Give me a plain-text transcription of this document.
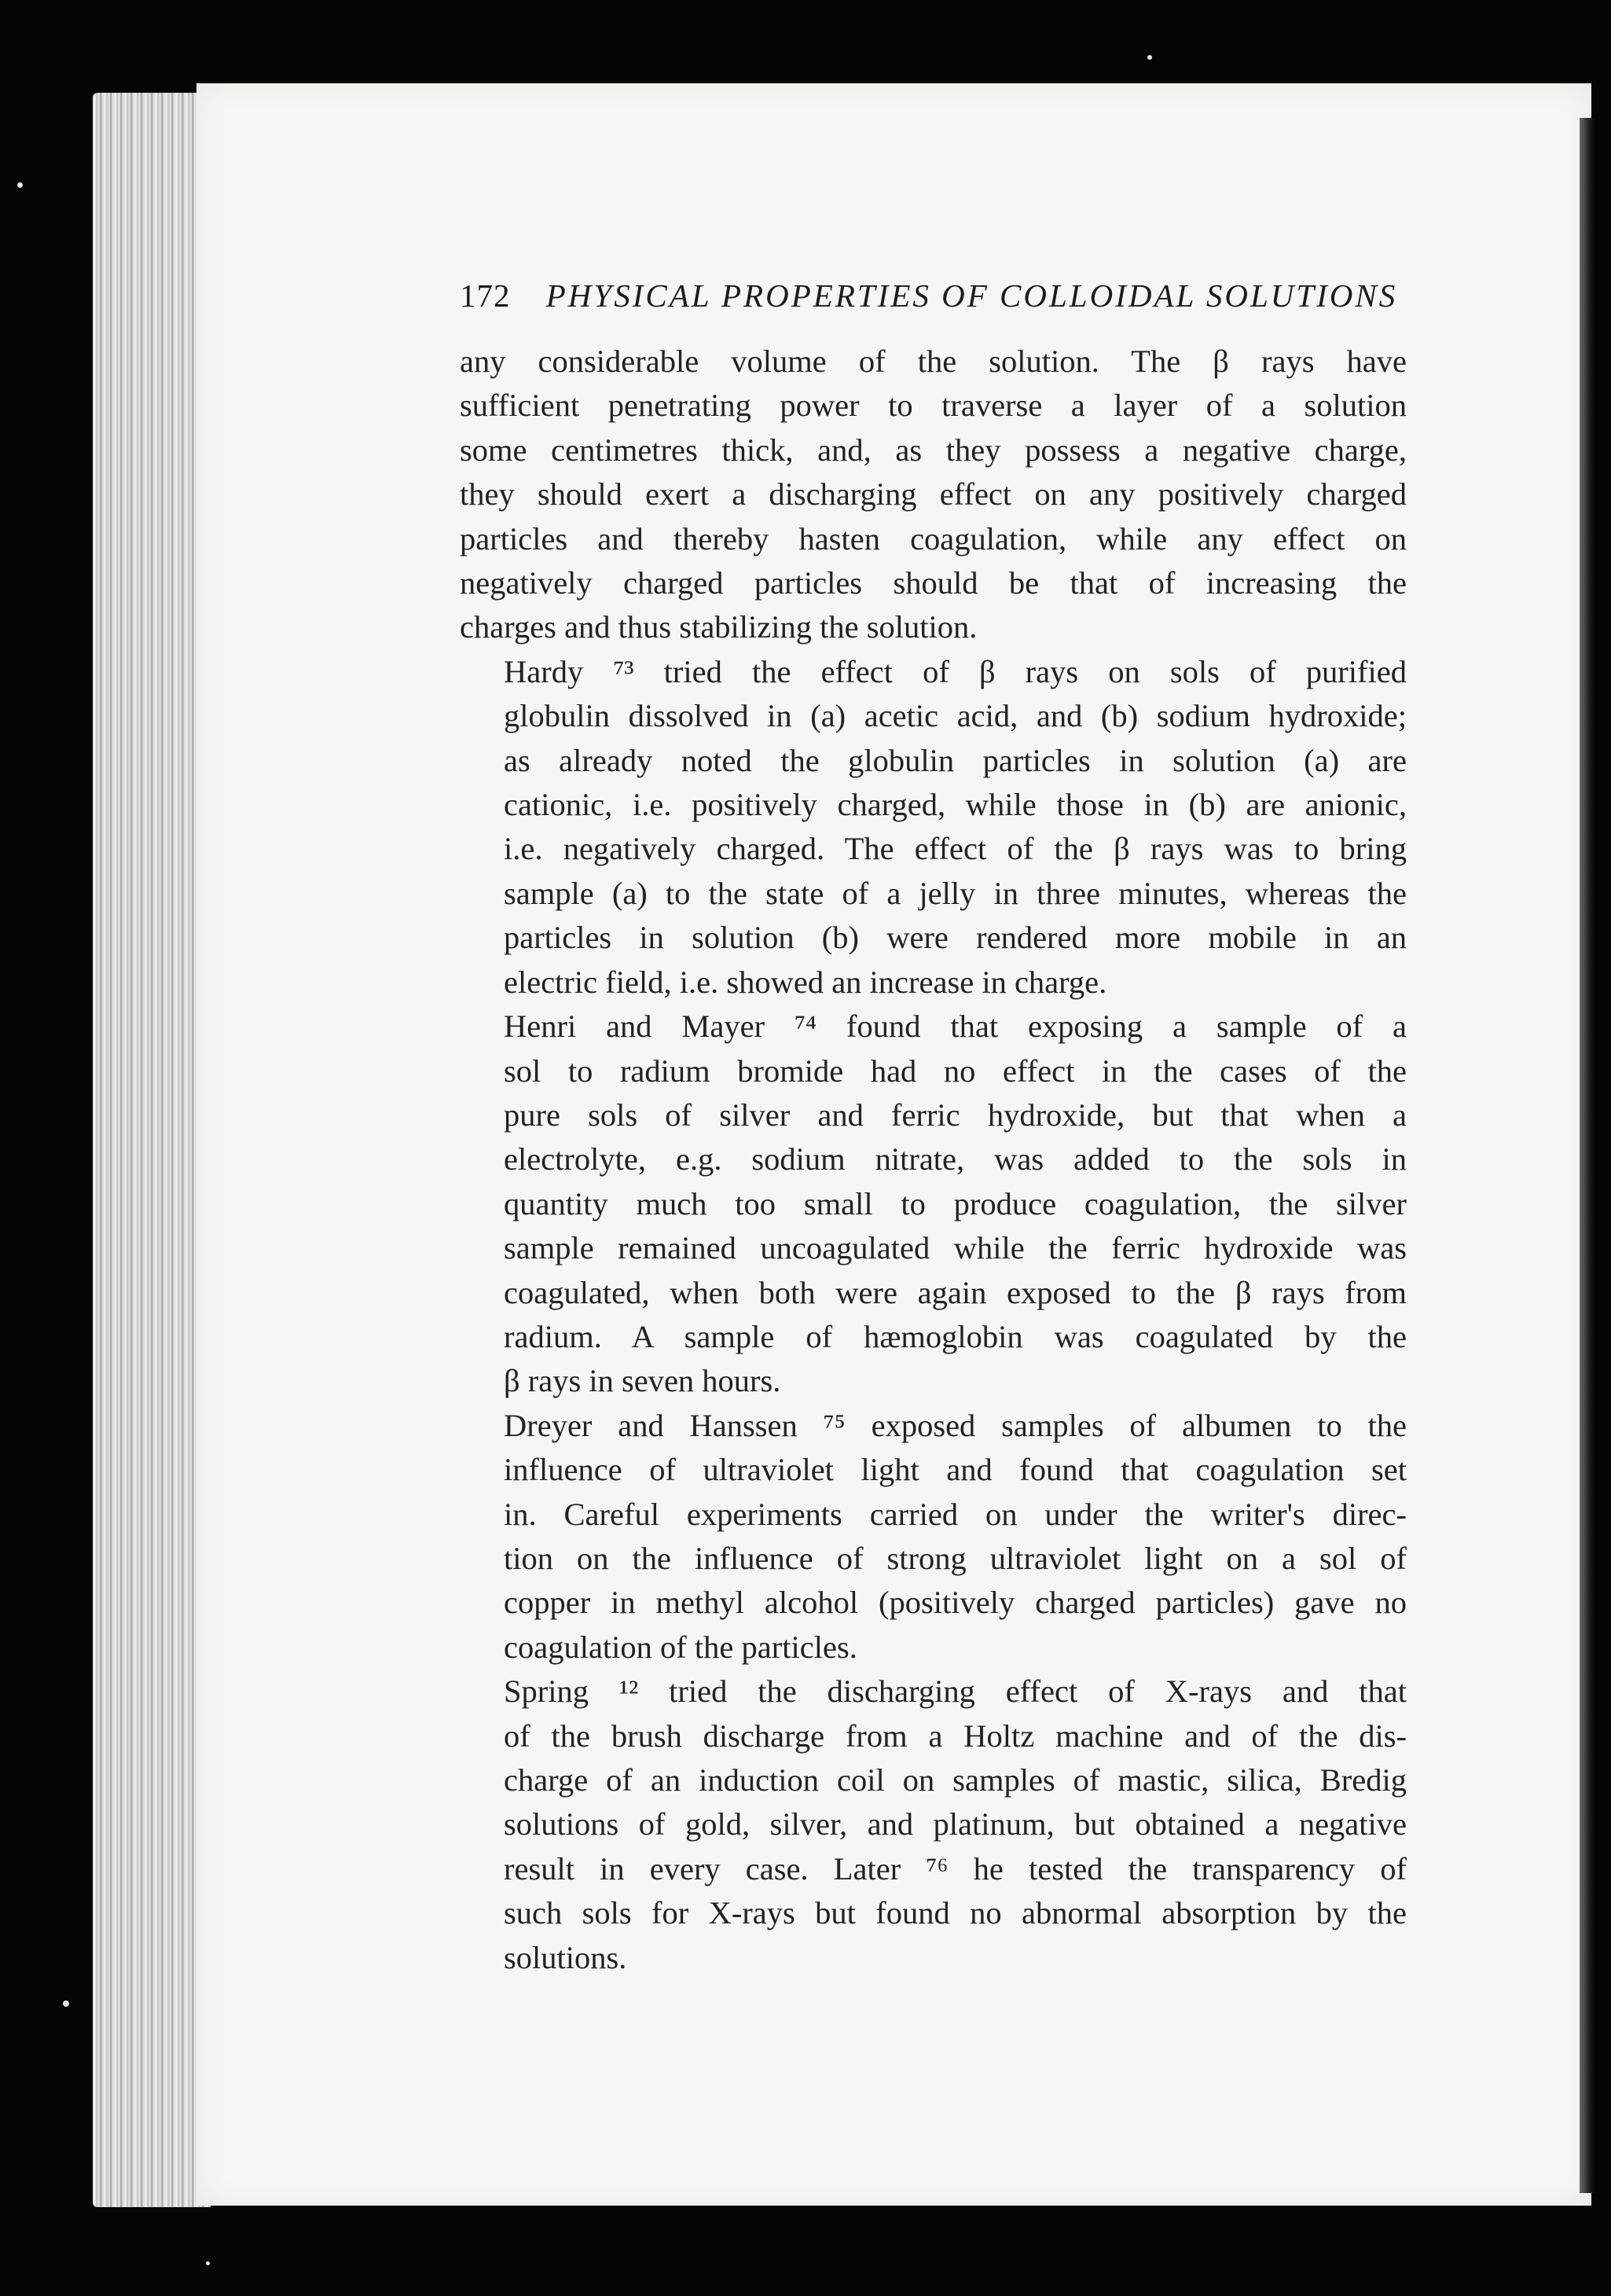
172 PHYSICAL PROPERTIES OF COLLOIDAL SOLUTIONS

any considerable volume of the solution. The β rays have
sufficient penetrating power to traverse a layer of a solution
some centimetres thick, and, as they possess a negative charge,
they should exert a discharging effect on any positively charged
particles and thereby hasten coagulation, while any effect on
negatively charged particles should be that of increasing the
charges and thus stabilizing the solution.

Hardy ⁷³ tried the effect of β rays on sols of purified
globulin dissolved in (a) acetic acid, and (b) sodium hydroxide;
as already noted the globulin particles in solution (a) are
cationic, i.e. positively charged, while those in (b) are anionic,
i.e. negatively charged. The effect of the β rays was to bring
sample (a) to the state of a jelly in three minutes, whereas the
particles in solution (b) were rendered more mobile in an
electric field, i.e. showed an increase in charge.

Henri and Mayer ⁷⁴ found that exposing a sample of a
sol to radium bromide had no effect in the cases of the
pure sols of silver and ferric hydroxide, but that when a
electrolyte, e.g. sodium nitrate, was added to the sols in
quantity much too small to produce coagulation, the silver
sample remained uncoagulated while the ferric hydroxide was
coagulated, when both were again exposed to the β rays from
radium. A sample of hæmoglobin was coagulated by the
β rays in seven hours.

Dreyer and Hanssen ⁷⁵ exposed samples of albumen to the
influence of ultraviolet light and found that coagulation set
in. Careful experiments carried on under the writer's direc-
tion on the influence of strong ultraviolet light on a sol of
copper in methyl alcohol (positively charged particles) gave no
coagulation of the particles.

Spring ¹² tried the discharging effect of X-rays and that
of the brush discharge from a Holtz machine and of the dis-
charge of an induction coil on samples of mastic, silica, Bredig
solutions of gold, silver, and platinum, but obtained a negative
result in every case. Later ⁷⁶ he tested the transparency of
such sols for X-rays but found no abnormal absorption by the
solutions.
